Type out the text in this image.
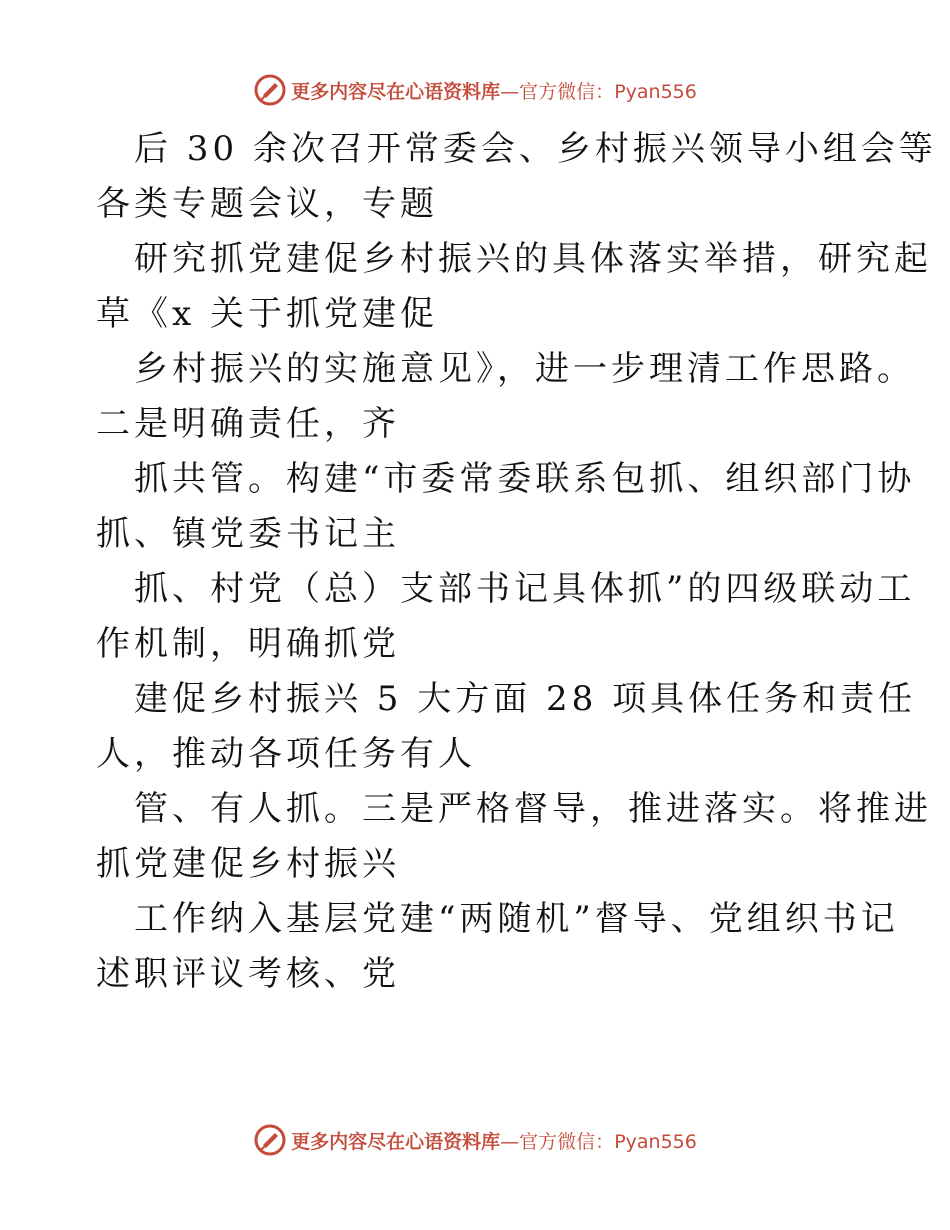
更多内容尽在心语资料库—官方微信：Pyan556
后 30 余次召开常委会、乡村振兴领导小组会等
各类专题会议，专题
研究抓党建促乡村振兴的具体落实举措，研究起
草《x 关于抓党建促
乡村振兴的实施意见》，进一步理清工作思路。
二是明确责任，齐
抓共管。构建“市委常委联系包抓、组织部门协
抓、镇党委书记主
抓、村党（总）支部书记具体抓”的四级联动工
作机制，明确抓党
建促乡村振兴 5 大方面 28 项具体任务和责任
人，推动各项任务有人
管、有人抓。三是严格督导，推进落实。将推进
抓党建促乡村振兴
工作纳入基层党建“两随机”督导、党组织书记
述职评议考核、党
更多内容尽在心语资料库—官方微信：Pyan556
